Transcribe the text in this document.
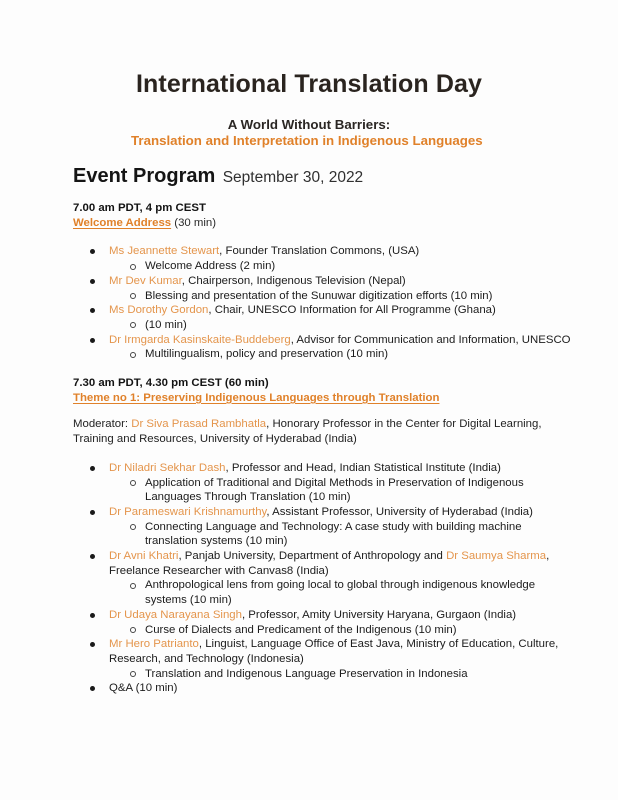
International Translation Day
A World Without Barriers:
Translation and Interpretation in Indigenous Languages
Event Program September 30, 2022

7.00 am PDT, 4 pm CEST

Welcome Address (30 min)

Ms Jeannette Stewart, Founder Translation Commons, (USA)
Welcome Address (2 min)
Mr Dev Kumar, Chairperson, Indigenous Television (Nepal)
Blessing and presentation of the Sunuwar digitization efforts (10 min)
Ms Dorothy Gordon, Chair, UNESCO Information for All Programme (Ghana)
(10 min)
Dr Irmgarda Kasinskaite-Buddeberg, Advisor for Communication and Information, UNESCO
Multilingualism, policy and preservation (10 min)

7.30 am PDT, 4.30 pm CEST (60 min)

Theme no 1: Preserving Indigenous Languages through Translation

Moderator: Dr Siva Prasad Rambhatla, Honorary Professor in the Center for Digital Learning, Training and Resources, University of Hyderabad (India)

Dr Niladri Sekhar Dash, Professor and Head, Indian Statistical Institute (India)
Application of Traditional and Digital Methods in Preservation of Indigenous Languages Through Translation (10 min)
Dr Parameswari Krishnamurthy, Assistant Professor, University of Hyderabad (India)
Connecting Language and Technology: A case study with building machine translation systems (10 min)
Dr Avni Khatri, Panjab University, Department of Anthropology and Dr Saumya Sharma, Freelance Researcher with Canvas8 (India)
Anthropological lens from going local to global through indigenous knowledge systems (10 min)
Dr Udaya Narayana Singh, Professor, Amity University Haryana, Gurgaon (India)
Curse of Dialects and Predicament of the Indigenous (10 min)
Mr Hero Patrianto, Linguist, Language Office of East Java, Ministry of Education, Culture, Research, and Technology (Indonesia)
Translation and Indigenous Language Preservation in Indonesia
Q&A (10 min)
